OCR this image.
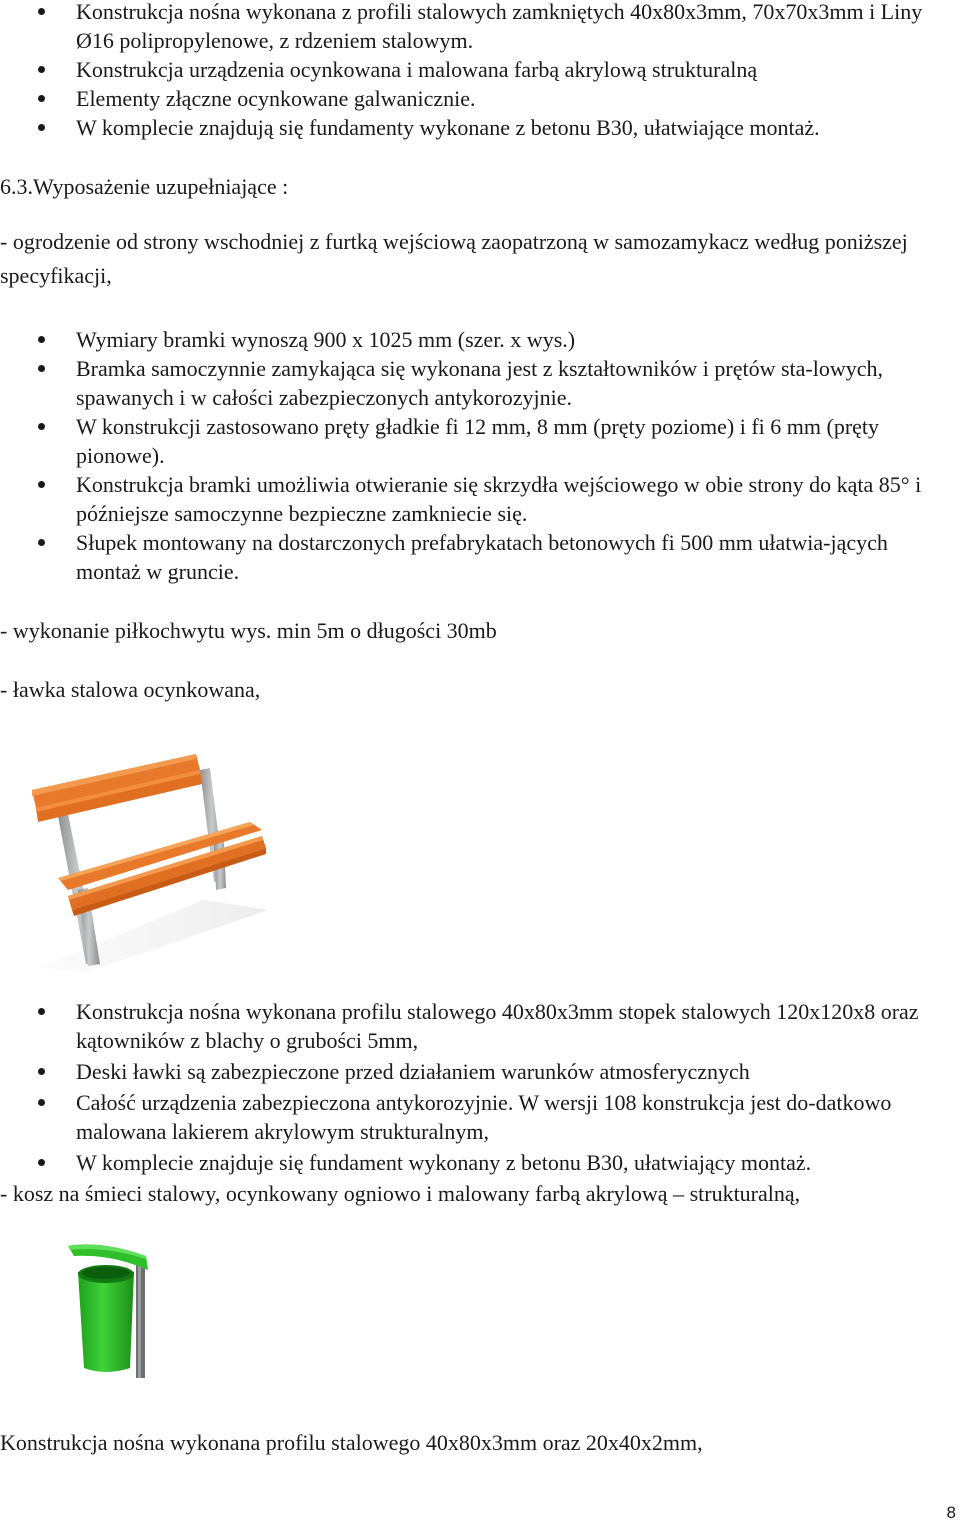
Konstrukcja nośna wykonana z profili stalowych zamkniętych 40x80x3mm, 70x70x3mm i Liny Ø16 polipropylenowe, z rdzeniem stalowym.
Konstrukcja urządzenia ocynkowana i malowana farbą akrylową strukturalną
Elementy złączne ocynkowane galwanicznie.
W komplecie znajdują się fundamenty wykonane z betonu B30, ułatwiające montaż.
6.3.Wyposażenie uzupełniające :
- ogrodzenie od strony wschodniej z furtką wejściową zaopatrzoną w samozamykacz według poniższej specyfikacji,
Wymiary bramki wynoszą 900 x 1025 mm (szer. x wys.)
Bramka samoczynnie zamykająca się wykonana jest z kształtowników i prętów sta-lowych, spawanych i w całości zabezpieczonych antykorozyjnie.
W konstrukcji zastosowano pręty gładkie fi 12 mm, 8 mm (pręty poziome) i fi 6 mm (pręty pionowe).
Konstrukcja bramki umożliwia otwieranie się skrzydła wejściowego w obie strony do kąta 85° i późniejsze samoczynne bezpieczne zamkniecie się.
Słupek montowany na dostarczonych prefabrykatach betonowych fi 500 mm ułatwia-jących montaż w gruncie.
- wykonanie piłkochwytu wys. min 5m o długości 30mb
- ławka stalowa ocynkowana,
Konstrukcja nośna wykonana profilu stalowego 40x80x3mm stopek stalowych 120x120x8 oraz kątowników z blachy o grubości 5mm,
Deski ławki są zabezpieczone przed działaniem warunków atmosferycznych
Całość urządzenia zabezpieczona antykorozyjnie. W wersji 108 konstrukcja jest do-datkowo malowana lakierem akrylowym strukturalnym,
W komplecie znajduje się fundament wykonany z betonu B30, ułatwiający montaż.
- kosz na śmieci stalowy, ocynkowany ogniowo i malowany farbą akrylową – strukturalną,
Konstrukcja nośna wykonana profilu stalowego 40x80x3mm oraz 20x40x2mm,
8
